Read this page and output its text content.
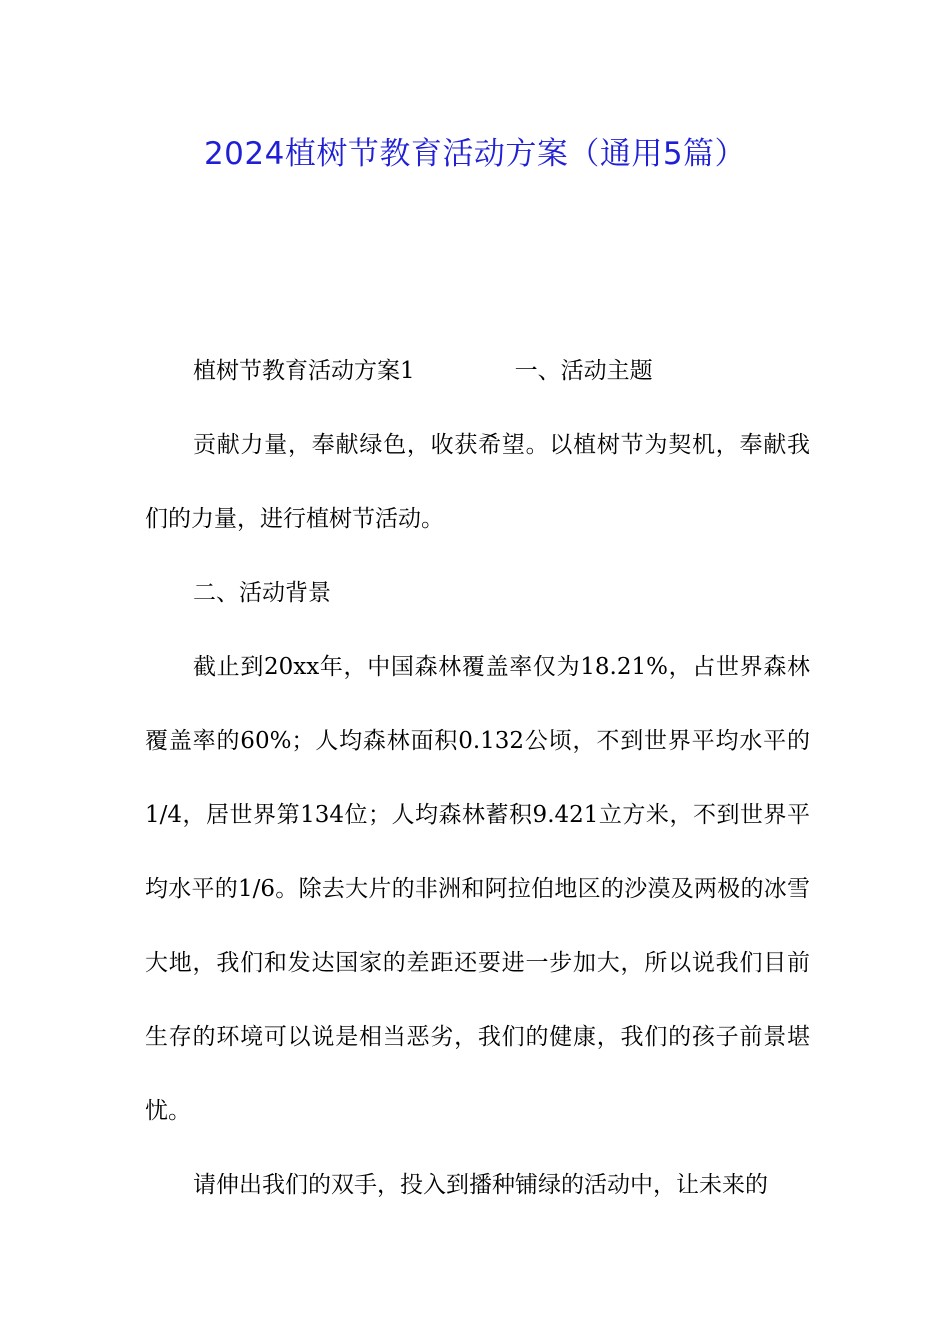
2024植树节教育活动方案（通用5篇）

植树节教育活动方案1	一、活动主题

贡献力量，奉献绿色，收获希望。以植树节为契机，奉献我们的力量，进行植树节活动。

二、活动背景

截止到20xx年，中国森林覆盖率仅为18.21%，占世界森林覆盖率的60%；人均森林面积0.132公顷，不到世界平均水平的1/4，居世界第134位；人均森林蓄积9.421立方米，不到世界平均水平的1/6。除去大片的非洲和阿拉伯地区的沙漠及两极的冰雪大地，我们和发达国家的差距还要进一步加大，所以说我们目前生存的环境可以说是相当恶劣，我们的健康，我们的孩子前景堪忧。

请伸出我们的双手，投入到播种铺绿的活动中，让未来的
